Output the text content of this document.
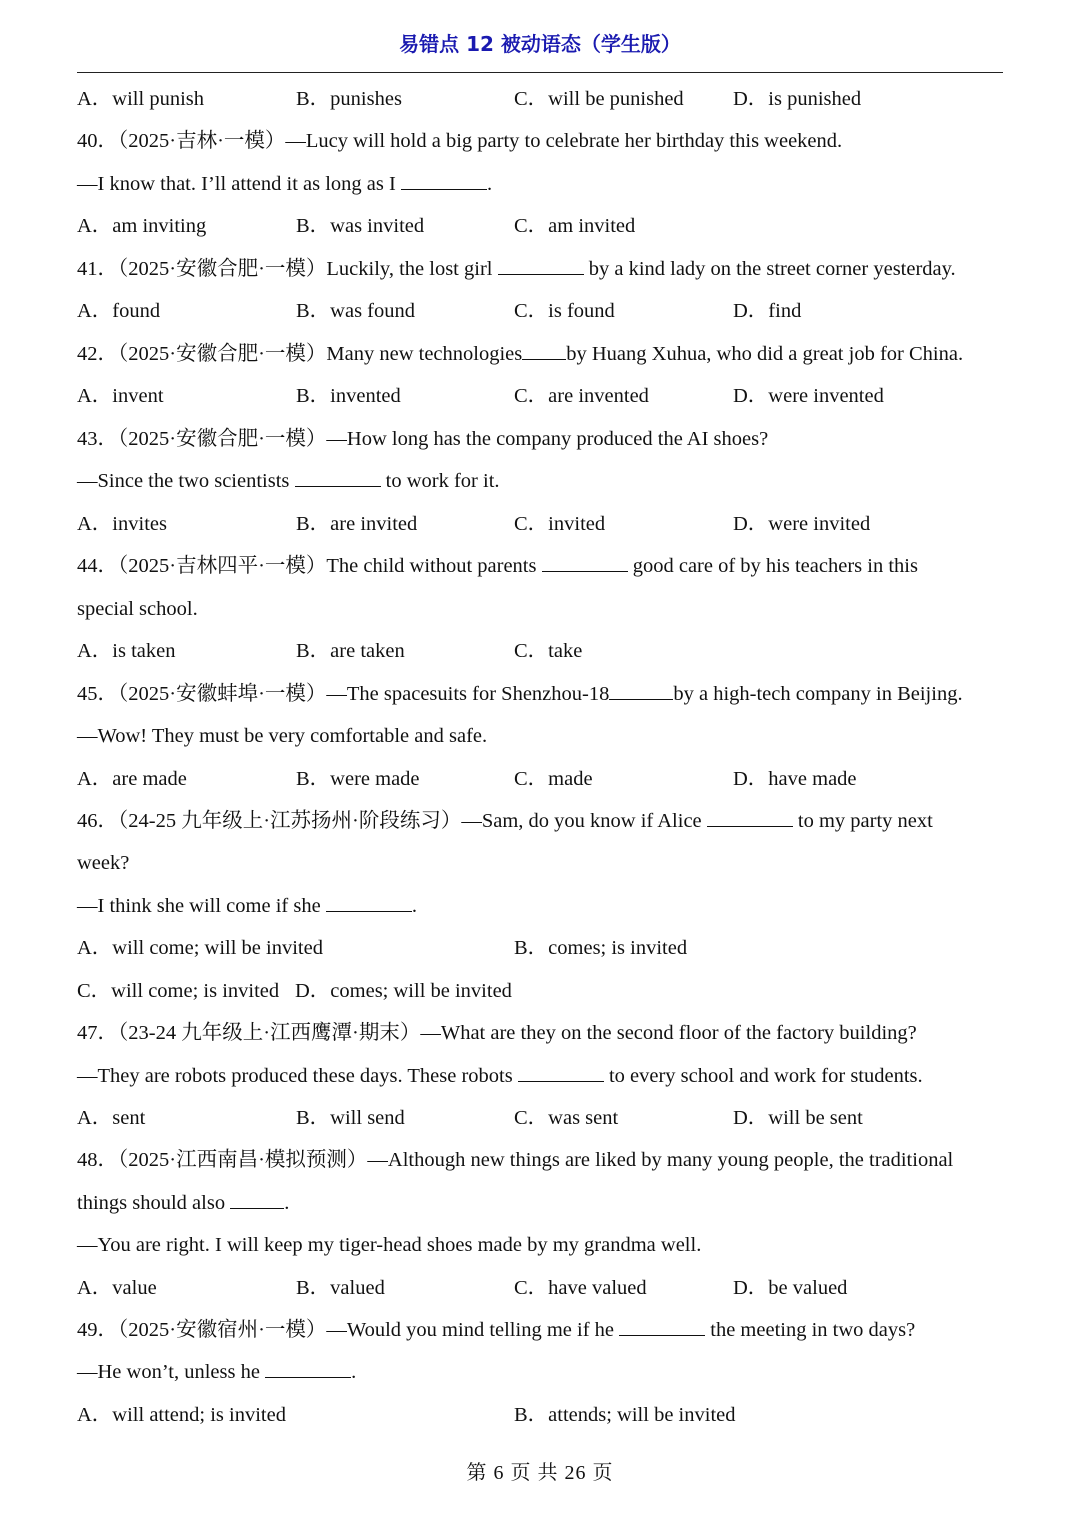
易错点 12 被动语态（学生版）
A．will punish	B．punishes	C．will be punished D．is punished
40．（2025·吉林·一模）—Lucy will hold a big party to celebrate her birthday this weekend.
—I know that. I’ll attend it as long as I	.
A．am inviting	B．was invited	C．am invited
41．（2025·安徽合肥·一模）Luckily, the lost girl	by a kind lady on the street corner yesterday.
A．found	B．was found	C．is found	D．find
42．（2025·安徽合肥·一模）Many new technologies by Huang Xuhua, who did a great job for China.
A．invent	B．invented	C．are invented	D．were invented
43．（2025·安徽合肥·一模）—How long has the company produced the AI shoes?
—Since the two scientists	to work for it.
A．invites	B．are invited	C．invited	D．were invited
44．（2025·吉林四平·一模）The child without parents	good care of by his teachers in this
special school.
A．is taken	B．are taken	C．take
45．（2025·安徽蚌埠·一模）—The spacesuits for Shenzhou-18	by a high-tech company in Beijing.
—Wow! They must be very comfortable and safe.
A．are made	B．were made	C．made	D．have made
46．（24-25 九年级上·江苏扬州·阶段练习）—Sam, do you know if Alice	to my party next
week?
—I think she will come if she	.
A．will come; will be invited	B．comes; is invited
C．will come; is invited D．comes; will be invited
47．（23-24 九年级上·江西鹰潭·期末）—What are they on the second floor of the factory building?
—They are robots produced these days. These robots	to every school and work for students.
A．sent	B．will send	C．was sent	D．will be sent
48．（2025·江西南昌·模拟预测）—Although new things are liked by many young people, the traditional
things should also	.
—You are right. I will keep my tiger-head shoes made by my grandma well.
A．value	B．valued	C．have valued	D．be valued
49．（2025·安徽宿州·一模）—Would you mind telling me if he	the meeting in two days?
—He won’t, unless he	.
A．will attend; is invited	B．attends; will be invited
第 6 页 共 26 页
